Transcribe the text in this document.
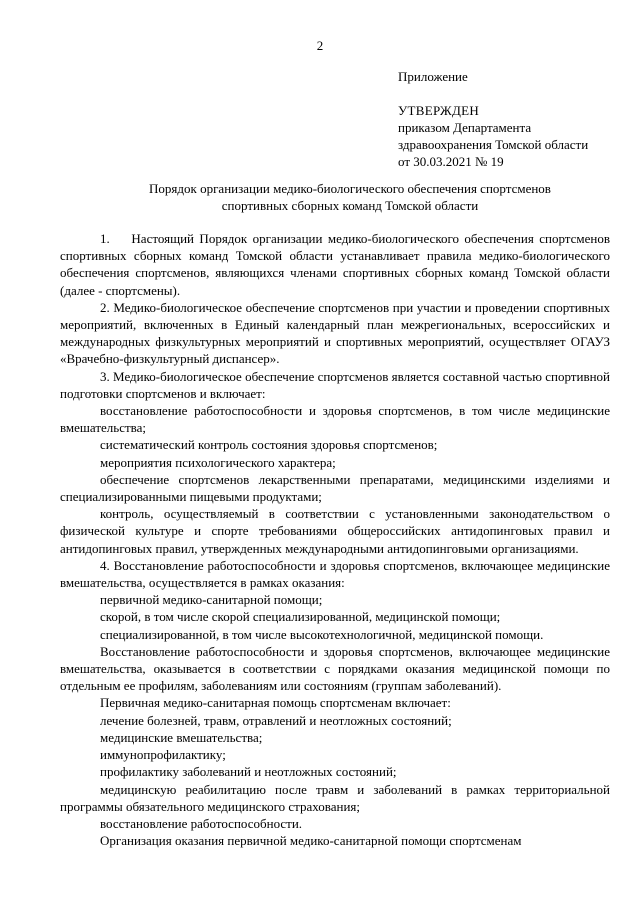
2
Приложение
УТВЕРЖДЕН
приказом Департамента
здравоохранения Томской области
от 30.03.2021 № 19
Порядок организации медико-биологического обеспечения спортсменов
спортивных сборных команд Томской области

1.    Настоящий Порядок организации медико-биологического обеспечения спортсменов спортивных сборных команд Томской области устанавливает правила медико-биологического обеспечения спортсменов, являющихся членами спортивных сборных команд Томской области (далее - спортсмены).

2. Медико-биологическое обеспечение спортсменов при участии и проведении спортивных мероприятий, включенных в Единый календарный план межрегиональных, всероссийских и международных физкультурных мероприятий и спортивных мероприятий, осуществляет ОГАУЗ «Врачебно-физкультурный диспансер».

3. Медико-биологическое обеспечение спортсменов является составной частью спортивной подготовки спортсменов и включает:

восстановление работоспособности и здоровья спортсменов, в том числе медицинские вмешательства;

систематический контроль состояния здоровья спортсменов;

мероприятия психологического характера;

обеспечение спортсменов лекарственными препаратами, медицинскими изделиями и специализированными пищевыми продуктами;

контроль, осуществляемый в соответствии с установленными законодательством о физической культуре и спорте требованиями общероссийских антидопинговых правил и антидопинговых правил, утвержденных международными антидопинговыми организациями.

4. Восстановление работоспособности и здоровья спортсменов, включающее медицинские вмешательства, осуществляется в рамках оказания:

первичной медико-санитарной помощи;

скорой, в том числе скорой специализированной, медицинской помощи;

специализированной, в том числе высокотехнологичной, медицинской помощи.

Восстановление работоспособности и здоровья спортсменов, включающее медицинские вмешательства, оказывается в соответствии с порядками оказания медицинской помощи по отдельным ее профилям, заболеваниям или состояниям (группам заболеваний).

Первичная медико-санитарная помощь спортсменам включает:

лечение болезней, травм, отравлений и неотложных состояний;

медицинские вмешательства;

иммунопрофилактику;

профилактику заболеваний и неотложных состояний;

медицинскую реабилитацию после травм и заболеваний в рамках территориальной программы обязательного медицинского страхования;

восстановление работоспособности.

Организация оказания первичной медико-санитарной помощи спортсменам
